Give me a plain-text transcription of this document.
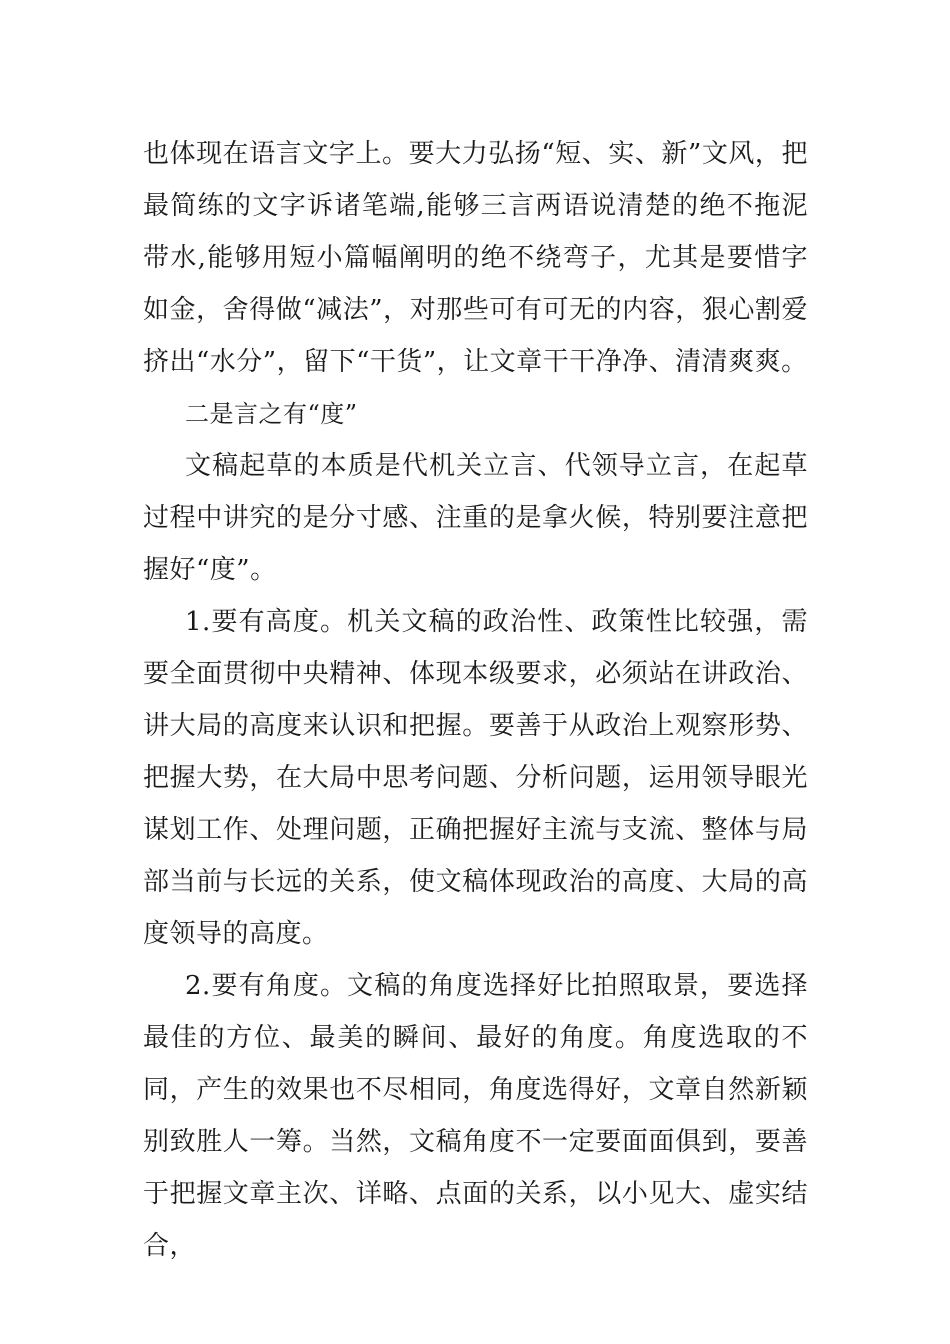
也体现在语言文字上。要大力弘扬“短、实、新”文风，把最简练的文字诉诸笔端,能够三言两语说清楚的绝不拖泥带水,能够用短小篇幅阐明的绝不绕弯子，尤其是要惜字如金，舍得做“减法”，对那些可有可无的内容，狠心割爱挤出“水分”，留下“干货”，让文章干干净净、清清爽爽。

二是言之有“度”

文稿起草的本质是代机关立言、代领导立言，在起草过程中讲究的是分寸感、注重的是拿火候，特别要注意把握好“度”。

1.要有高度。机关文稿的政治性、政策性比较强，需要全面贯彻中央精神、体现本级要求，必须站在讲政治、讲大局的高度来认识和把握。要善于从政治上观察形势、把握大势，在大局中思考问题、分析问题，运用领导眼光谋划工作、处理问题，正确把握好主流与支流、整体与局部当前与长远的关系，使文稿体现政治的高度、大局的高度领导的高度。

2.要有角度。文稿的角度选择好比拍照取景，要选择最佳的方位、最美的瞬间、最好的角度。角度选取的不同，产生的效果也不尽相同，角度选得好，文章自然新颖别致胜人一筹。当然，文稿角度不一定要面面俱到，要善于把握文章主次、详略、点面的关系，以小见大、虚实结合，
